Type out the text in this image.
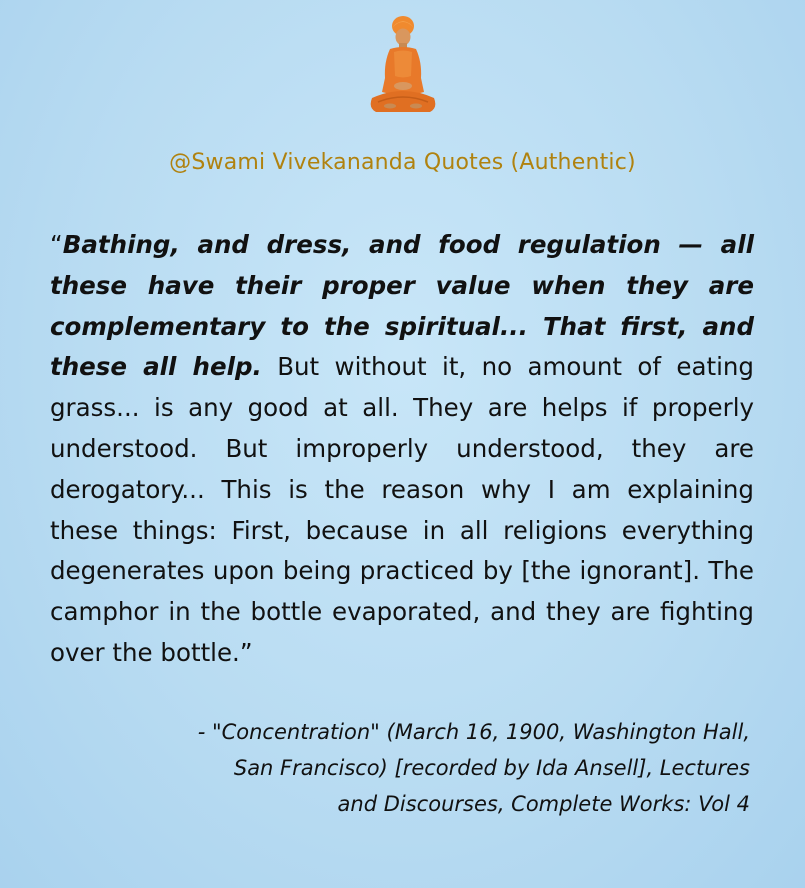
@Swami Vivekananda Quotes (Authentic)
“Bathing, and dress, and food regulation — all these have their proper value when they are complementary to the spiritual... That first, and these all help. But without it, no amount of eating grass... is any good at all. They are helps if properly understood. But improperly understood, they are derogatory... This is the reason why I am explaining these things: First, because in all religions everything degenerates upon being practiced by [the ignorant]. The camphor in the bottle evaporated, and they are fighting over the bottle.”
- "Concentration" (March 16, 1900, Washington Hall,
San Francisco) [recorded by Ida Ansell], Lectures
and Discourses, Complete Works: Vol 4
